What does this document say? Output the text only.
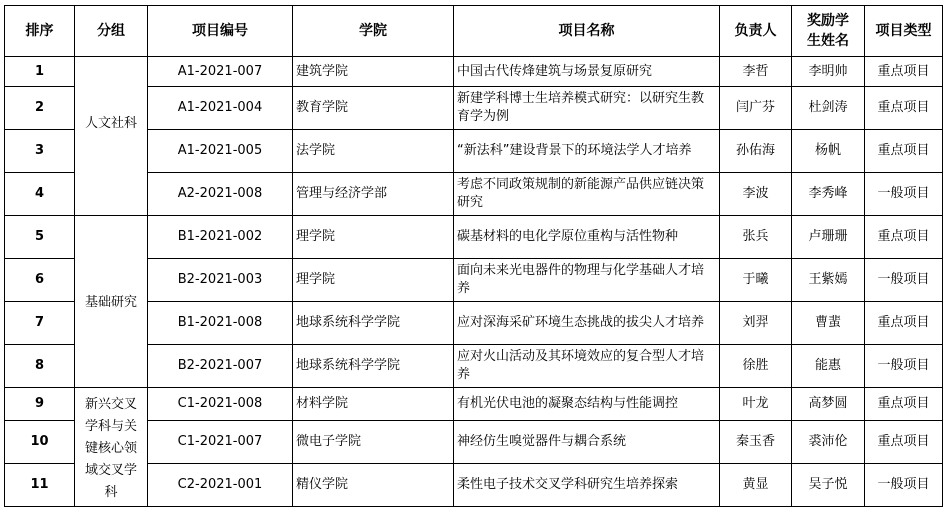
排序	分组	项目编号	学院	项目名称	负责人	奖励学生姓名	项目类型
1	人文社科	A1-2021-007	建筑学院	中国古代传烽建筑与场景复原研究	李哲	李明帅	重点项目
2		A1-2021-004	教育学院	新建学科博士生培养模式研究：以研究生教育学为例	闫广芬	杜剑涛	重点项目
3		A1-2021-005	法学院	“新法科”建设背景下的环境法学人才培养	孙佑海	杨帆	重点项目
4		A2-2021-008	管理与经济学部	考虑不同政策规制的新能源产品供应链决策研究	李波	李秀峰	一般项目
5	基础研究	B1-2021-002	理学院	碳基材料的电化学原位重构与活性物种	张兵	卢珊珊	重点项目
6		B2-2021-003	理学院	面向未来光电器件的物理与化学基础人才培养	于曦	王紫嫣	一般项目
7		B1-2021-008	地球系统科学学院	应对深海采矿环境生态挑战的拔尖人才培养	刘羿	曹蜚	重点项目
8		B2-2021-007	地球系统科学学院	应对火山活动及其环境效应的复合型人才培养	徐胜	能惠	一般项目
9	新兴交叉学科与关键核心领域交叉学科	C1-2021-008	材料学院	有机光伏电池的凝聚态结构与性能调控	叶龙	高梦圆	重点项目
10		C1-2021-007	微电子学院	神经仿生嗅觉器件与耦合系统	秦玉香	裘沛伦	重点项目
11		C2-2021-001	精仪学院	柔性电子技术交叉学科研究生培养探索	黄显	吴子悦	一般项目
